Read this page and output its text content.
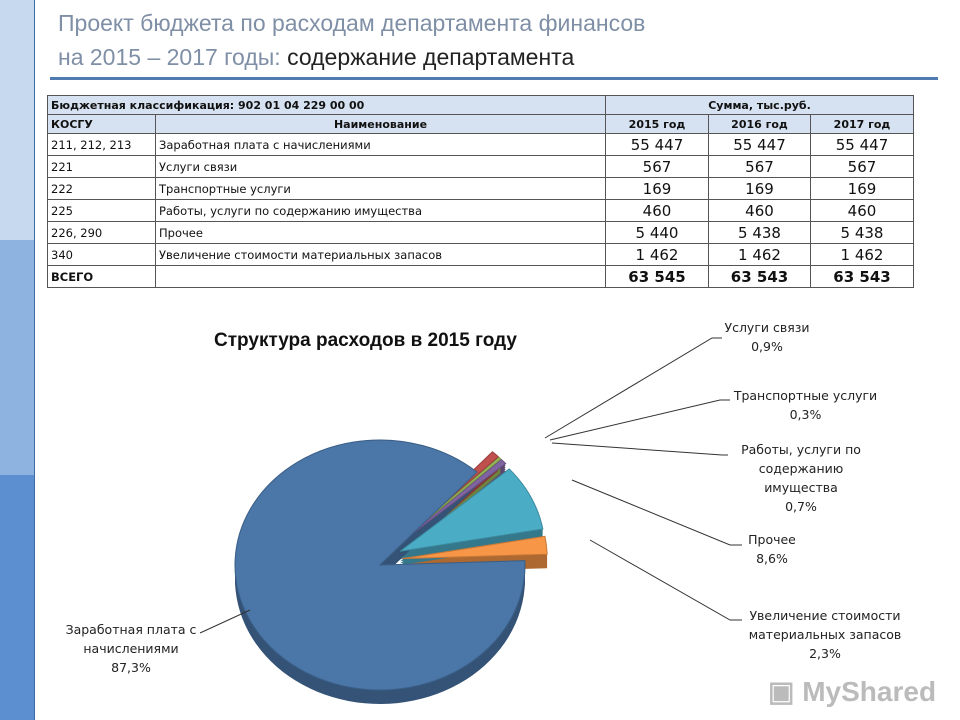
Проект бюджета по расходам департамента финансов
на 2015 – 2017 годы: содержание департамента
Бюджетная классификация: 902 01 04 229 00 00		Сумма, тыс.руб.		
КОСГУ	Наименование	2015 год	2016 год	2017 год
211, 212, 213	Заработная плата с начислениями	55 447	55 447	55 447
221	Услуги связи	567	567	567
222	Транспортные услуги	169	169	169
225	Работы, услуги по содержанию имущества	460	460	460
226, 290	Прочее	5 440	5 438	5 438
340	Увеличение стоимости материальных запасов	1 462	1 462	1 462
ВСЕГО		63 545	63 543	63 543
Структура расходов в 2015 году
Заработная плата с
начислениями
87,3%
Услуги связи
0,9%
Транспортные услуги
0,3%
Работы, услуги по
содержанию
имущества
0,7%
Прочее
8,6%
Увеличение стоимости
материальных запасов
2,3%
▣ MyShared
